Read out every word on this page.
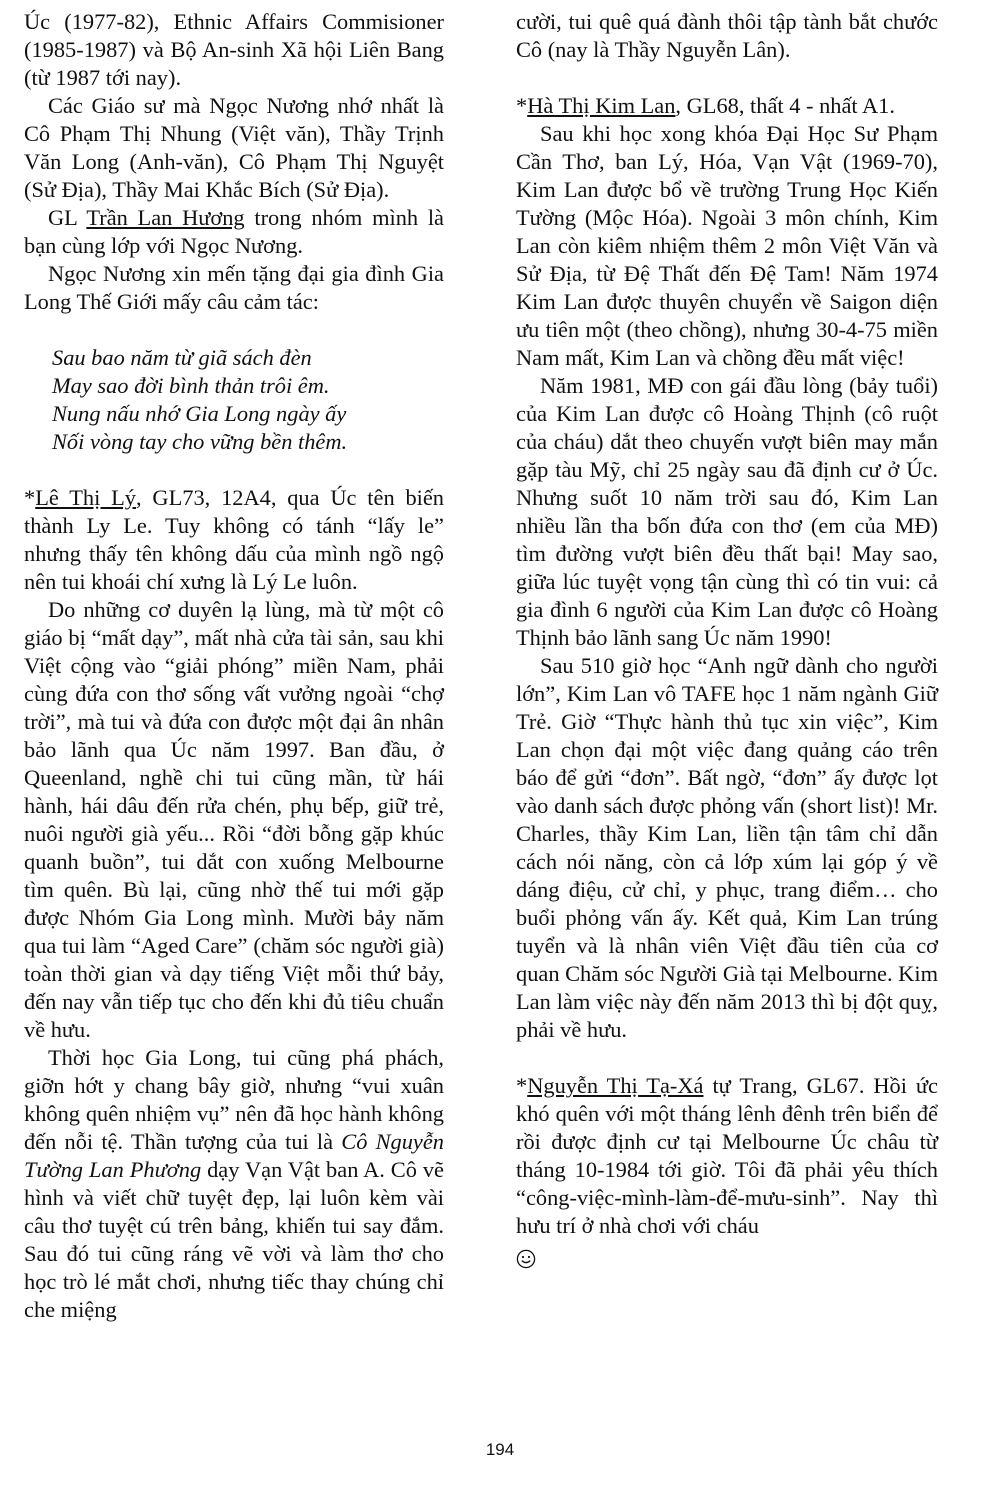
Úc (1977-82), Ethnic Affairs Commisioner (1985-1987) và Bộ An-sinh Xã hội Liên Bang (từ 1987 tới nay).

Các Giáo sư mà Ngọc Nương nhớ nhất là Cô Phạm Thị Nhung (Việt văn), Thầy Trịnh Văn Long (Anh-văn), Cô Phạm Thị Nguyệt (Sử Địa), Thầy Mai Khắc Bích (Sử Địa).

GL Trần Lan Hương trong nhóm mình là bạn cùng lớp với Ngọc Nương.

Ngọc Nương xin mến tặng đại gia đình Gia Long Thế Giới mấy câu cảm tác:

Sau bao năm từ giã sách đèn
May sao đời bình thản trôi êm.
Nung nấu nhớ Gia Long ngày ấy
Nối vòng tay cho vững bền thêm.

*Lê Thị Lý, GL73, 12A4, qua Úc tên biến thành Ly Le. Tuy không có tánh “lấy le” nhưng thấy tên không dấu của mình ngồ ngộ nên tui khoái chí xưng là Lý Le luôn.

Do những cơ duyên lạ lùng, mà từ một cô giáo bị “mất dạy”, mất nhà cửa tài sản, sau khi Việt cộng vào “giải phóng” miền Nam, phải cùng đứa con thơ sống vất vưởng ngoài “chợ trời”, mà tui và đứa con được một đại ân nhân bảo lãnh qua Úc năm 1997. Ban đầu, ở Queenland, nghề chi tui cũng mần, từ hái hành, hái dâu đến rửa chén, phụ bếp, giữ trẻ, nuôi người già yếu... Rồi “đời bỗng gặp khúc quanh buồn”, tui dắt con xuống Melbourne tìm quên. Bù lại, cũng nhờ thế tui mới gặp được Nhóm Gia Long mình. Mười bảy năm qua tui làm “Aged Care” (chăm sóc người già) toàn thời gian và dạy tiếng Việt mỗi thứ bảy, đến nay vẫn tiếp tục cho đến khi đủ tiêu chuẩn về hưu.

Thời học Gia Long, tui cũng phá phách, giỡn hớt y chang bây giờ, nhưng “vui xuân không quên nhiệm vụ” nên đã học hành không đến nỗi tệ. Thần tượng của tui là Cô Nguyễn Tường Lan Phương dạy Vạn Vật ban A. Cô vẽ hình và viết chữ tuyệt đẹp, lại luôn kèm vài câu thơ tuyệt cú trên bảng, khiến tui say đắm. Sau đó tui cũng ráng vẽ vời và làm thơ cho học trò lé mắt chơi, nhưng tiếc thay chúng chỉ che miệng

cười, tui quê quá đành thôi tập tành bắt chước Cô (nay là Thầy Nguyễn Lân).

*Hà Thị Kim Lan, GL68, thất 4 - nhất A1.

Sau khi học xong khóa Đại Học Sư Phạm Cần Thơ, ban Lý, Hóa, Vạn Vật (1969-70), Kim Lan được bổ về trường Trung Học Kiến Tường (Mộc Hóa). Ngoài 3 môn chính, Kim Lan còn kiêm nhiệm thêm 2 môn Việt Văn và Sử Địa, từ Đệ Thất đến Đệ Tam! Năm 1974 Kim Lan được thuyên chuyển về Saigon diện ưu tiên một (theo chồng), nhưng 30-4-75 miền Nam mất, Kim Lan và chồng đều mất việc!

Năm 1981, MĐ con gái đầu lòng (bảy tuổi) của Kim Lan được cô Hoàng Thịnh (cô ruột của cháu) dắt theo chuyến vượt biên may mắn gặp tàu Mỹ, chỉ 25 ngày sau đã định cư ở Úc. Nhưng suốt 10 năm trời sau đó, Kim Lan nhiều lần tha bốn đứa con thơ (em của MĐ) tìm đường vượt biên đều thất bại! May sao, giữa lúc tuyệt vọng tận cùng thì có tin vui: cả gia đình 6 người của Kim Lan được cô Hoàng Thịnh bảo lãnh sang Úc năm 1990!

Sau 510 giờ học “Anh ngữ dành cho người lớn”, Kim Lan vô TAFE học 1 năm ngành Giữ Trẻ. Giờ “Thực hành thủ tục xin việc”, Kim Lan chọn đại một việc đang quảng cáo trên báo để gửi “đơn”. Bất ngờ, “đơn” ấy được lọt vào danh sách được phỏng vấn (short list)! Mr. Charles, thầy Kim Lan, liền tận tâm chỉ dẫn cách nói năng, còn cả lớp xúm lại góp ý về dáng điệu, cử chỉ, y phục, trang điểm… cho buổi phỏng vấn ấy. Kết quả, Kim Lan trúng tuyển và là nhân viên Việt đầu tiên của cơ quan Chăm sóc Người Già tại Melbourne. Kim Lan làm việc này đến năm 2013 thì bị đột quỵ, phải về hưu.

*Nguyễn Thị Tạ-Xá tự Trang, GL67. Hồi ức khó quên với một tháng lênh đênh trên biển để rồi được định cư tại Melbourne Úc châu từ tháng 10-1984 tới giờ. Tôi đã phải yêu thích “công-việc-mình-làm-để-mưu-sinh”. Nay thì hưu trí ở nhà chơi với cháu

194
